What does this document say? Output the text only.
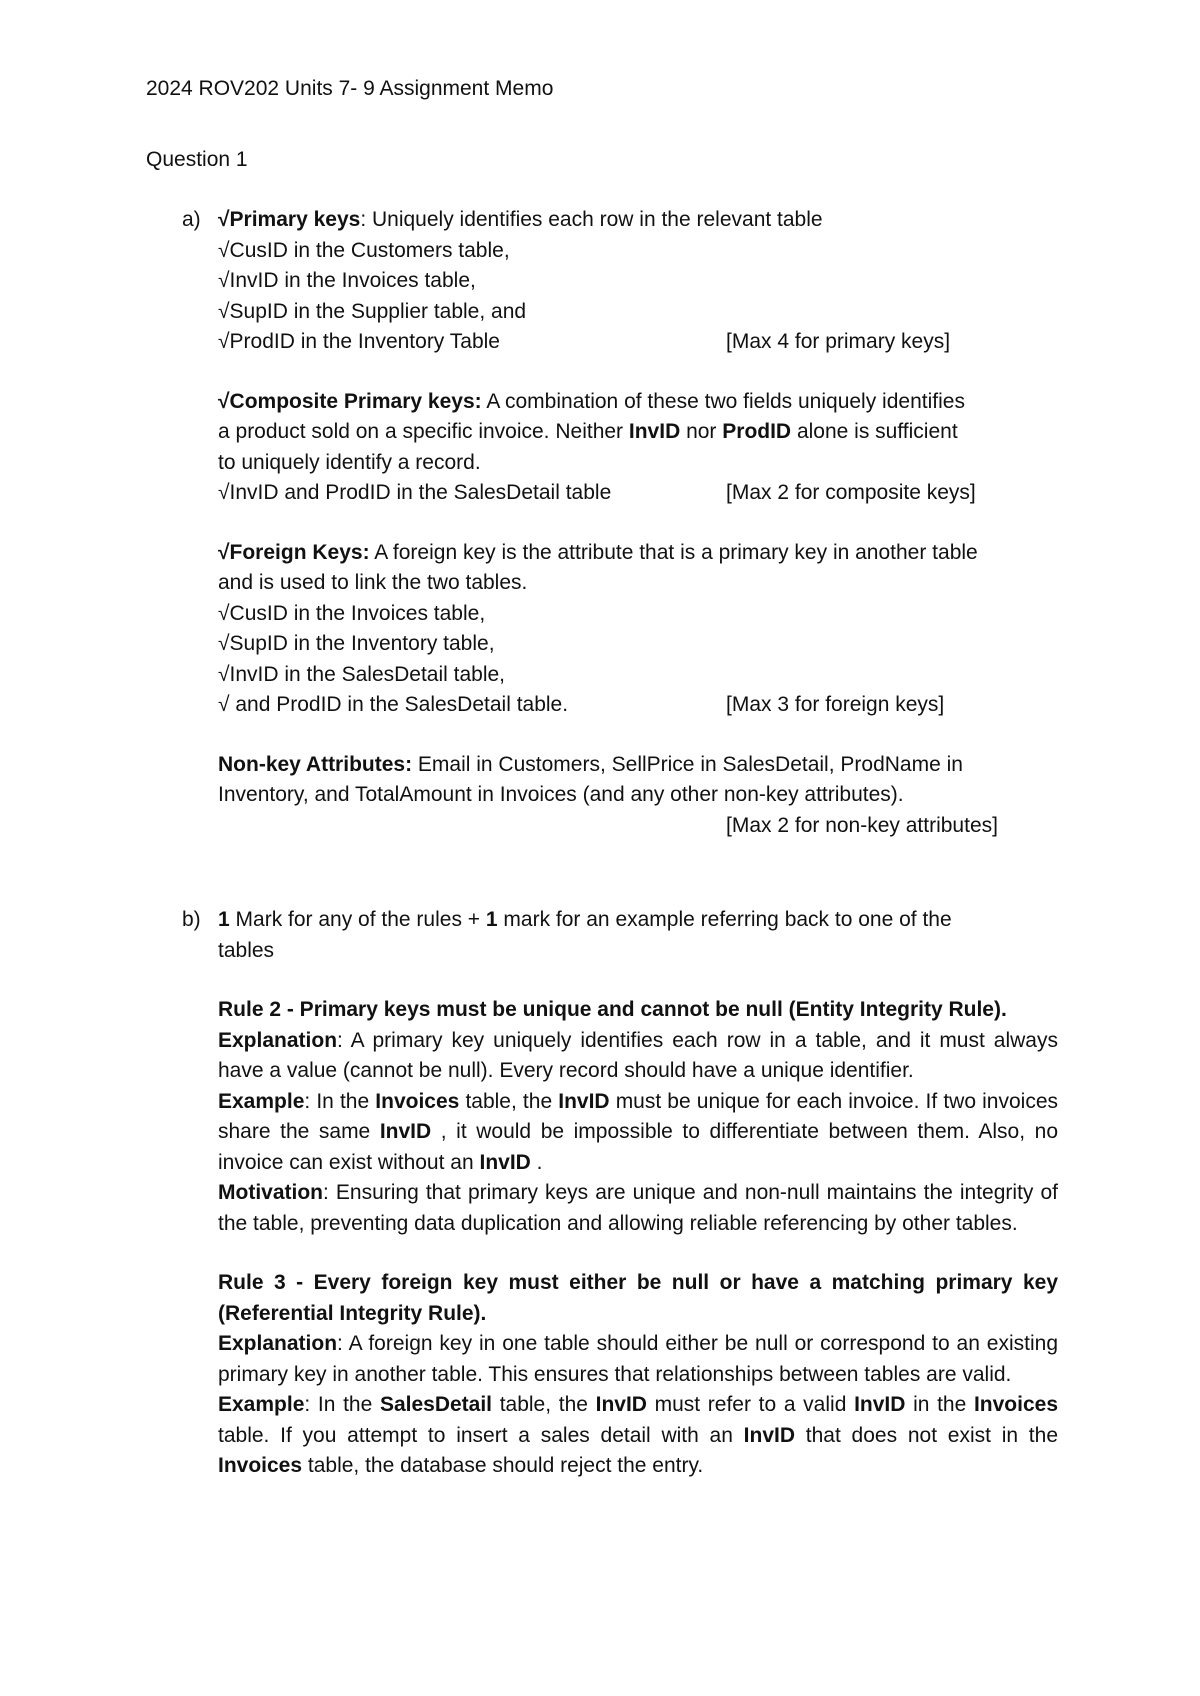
2024 ROV202 Units 7- 9 Assignment Memo
Question 1
a) √Primary keys: Uniquely identifies each row in the relevant table
√CusID in the Customers table,
√InvID in the Invoices table,
√SupID in the Supplier table, and
√ProdID in the Inventory Table	[Max 4 for primary keys]
√Composite Primary keys: A combination of these two fields uniquely identifies
a product sold on a specific invoice. Neither InvID nor ProdID alone is sufficient
to uniquely identify a record.
√InvID and ProdID in the SalesDetail table	[Max 2 for composite keys]
√Foreign Keys: A foreign key is the attribute that is a primary key in another table
and is used to link the two tables.
√CusID in the Invoices table,
√SupID in the Inventory table,
√InvID in the SalesDetail table,
√ and ProdID in the SalesDetail table.	[Max 3 for foreign keys]
Non-key Attributes: Email in Customers, SellPrice in SalesDetail, ProdName in
Inventory, and TotalAmount in Invoices (and any other non-key attributes).
[Max 2 for non-key attributes]
b) 1 Mark for any of the rules + 1 mark for an example referring back to one of the
tables
Rule 2 - Primary keys must be unique and cannot be null (Entity Integrity Rule).
Explanation: A primary key uniquely identifies each row in a table, and it must always have a value (cannot be null). Every record should have a unique identifier.
Example: In the Invoices table, the InvID must be unique for each invoice. If two invoices share the same InvID , it would be impossible to differentiate between them. Also, no invoice can exist without an InvID .
Motivation: Ensuring that primary keys are unique and non-null maintains the integrity of the table, preventing data duplication and allowing reliable referencing by other tables.
Rule 3 - Every foreign key must either be null or have a matching primary key (Referential Integrity Rule).
Explanation: A foreign key in one table should either be null or correspond to an existing primary key in another table. This ensures that relationships between tables are valid.
Example: In the SalesDetail table, the InvID must refer to a valid InvID in the Invoices table. If you attempt to insert a sales detail with an InvID that does not exist in the Invoices table, the database should reject the entry.
